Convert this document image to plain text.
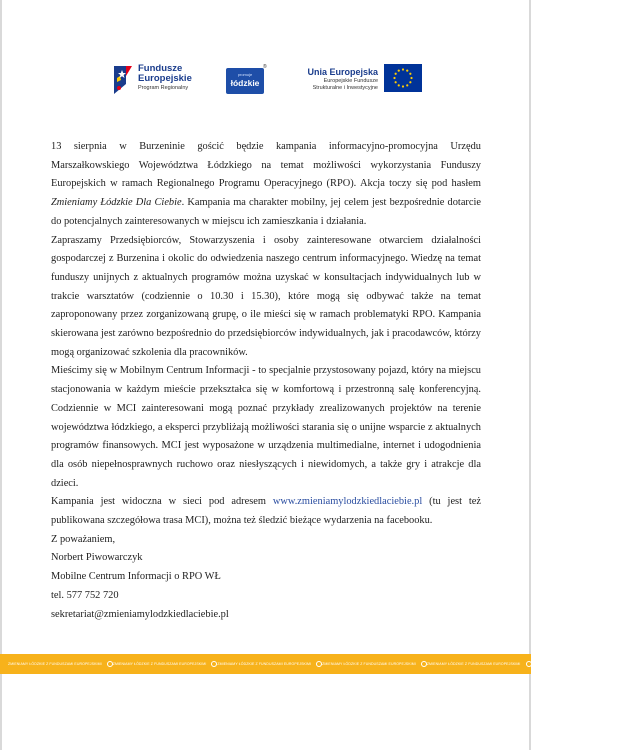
Fundusze
Europejskie
Program Regionalny
promuje
łódzkie
®	Unia Europejska
Europejskie Fundusze
Strukturalne i Inwestycyjne

13 sierpnia w Burzeninie gościć będzie kampania informacyjno-promocyjna Urzędu Marszałkowskiego Województwa Łódzkiego na temat możliwości wykorzystania Funduszy Europejskich w ramach Regionalnego Programu Operacyjnego (RPO). Akcja toczy się pod hasłem Zmieniamy Łódzkie Dla Ciebie. Kampania ma charakter mobilny, jej celem jest bezpośrednie dotarcie do potencjalnych zainteresowanych w miejscu ich zamieszkania i działania.

Zapraszamy Przedsiębiorców, Stowarzyszenia i osoby zainteresowane otwarciem działalności gospodarczej z Burzenina i okolic do odwiedzenia naszego centrum informacyjnego. Wiedzę na temat funduszy unijnych z aktualnych programów można uzyskać w konsultacjach indywidualnych lub w trakcie warsztatów (codziennie o 10.30 i 15.30), które mogą się odbywać także na temat zaproponowany przez zorganizowaną grupę, o ile mieści się w ramach problematyki RPO. Kampania skierowana jest zarówno bezpośrednio do przedsiębiorców indywidualnych, jak i pracodawców, którzy mogą organizować szkolenia dla pracowników.

Mieścimy się w Mobilnym Centrum Informacji - to specjalnie przystosowany pojazd, który na miejscu stacjonowania w każdym mieście przekształca się w komfortową i przestronną salę konferencyjną. Codziennie w MCI zainteresowani mogą poznać przykłady zrealizowanych projektów na terenie województwa łódzkiego, a eksperci przybliżają możliwości starania się o unijne wsparcie z aktualnych programów finansowych. MCI jest wyposażone w urządzenia multimedialne, internet i udogodnienia dla osób niepełnosprawnych ruchowo oraz niesłyszących i niewidomych, a także gry i atrakcje dla dzieci.

Kampania jest widoczna w sieci pod adresem www.zmieniamylodzkiedlaciebie.pl (tu jest też publikowana szczegółowa trasa MCI), można też śledzić bieżące wydarzenia na facebooku.

Z poważaniem,

Norbert Piwowarczyk

Mobilne Centrum Informacji o RPO WŁ

tel. 577 752 720

sekretariat@zmieniamylodzkiedlaciebie.pl

ZMIENIAMY ŁÓDZKIE Z FUNDUSZAMI EUROPEJSKIMI	ZMIENIAMY ŁÓDZKIE Z FUNDUSZAMI EUROPEJSKIMI	ZMIENIAMY ŁÓDZKIE Z FUNDUSZAMI EUROPEJSKIMI	ZMIENIAMY ŁÓDZKIE Z FUNDUSZAMI EUROPEJSKIMI	ZMIENIAMY ŁÓDZKIE Z FUNDUSZAMI EUROPEJSKIMI	ZMIENIAMY ŁÓDZKIE Z FUNDUSZAMI EUROPEJSKIMI
